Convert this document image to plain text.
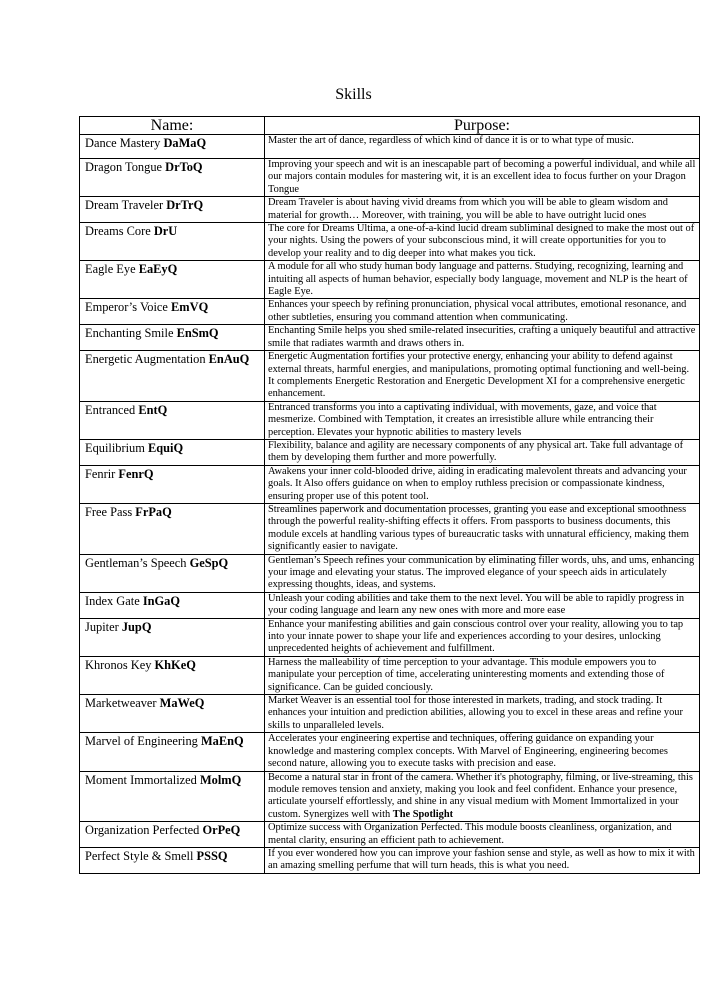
Skills
Name:	Purpose:
Dance Mastery DaMaQ	Master the art of dance, regardless of which kind of dance it is or to what type of music.
Dragon Tongue DrToQ	Improving your speech and wit is an inescapable part of becoming a powerful individual, and while all our majors contain modules for mastering wit, it is an excellent idea to focus further on your Dragon Tongue
Dream Traveler DrTrQ	Dream Traveler is about having vivid dreams from which you will be able to gleam wisdom and material for growth… Moreover, with training, you will be able to have outright lucid ones
Dreams Core DrU	The core for Dreams Ultima, a one-of-a-kind lucid dream subliminal designed to make the most out of your nights. Using the powers of your subconscious mind, it will create opportunities for you to develop your reality and to dig deeper into what makes you tick.
Eagle Eye EaEyQ	A module for all who study human body language and patterns. Studying, recognizing, learning and intuiting all aspects of human behavior, especially body language, movement and NLP is the heart of Eagle Eye.
Emperor’s Voice EmVQ	Enhances your speech by refining pronunciation, physical vocal attributes, emotional resonance, and other subtleties, ensuring you command attention when communicating.
Enchanting Smile EnSmQ	Enchanting Smile helps you shed smile-related insecurities, crafting a uniquely beautiful and attractive smile that radiates warmth and draws others in.
Energetic Augmentation EnAuQ	Energetic Augmentation fortifies your protective energy, enhancing your ability to defend against external threats, harmful energies, and manipulations, promoting optimal functioning and well-being. It complements Energetic Restoration and Energetic Development XI for a comprehensive energetic enhancement.
Entranced EntQ	Entranced transforms you into a captivating individual, with movements, gaze, and voice that mesmerize. Combined with Temptation, it creates an irresistible allure while entrancing their perception. Elevates your hypnotic abilities to mastery levels
Equilibrium EquiQ	Flexibility, balance and agility are necessary components of any physical art. Take full advantage of them by developing them further and more powerfully.
Fenrir FenrQ	Awakens your inner cold-blooded drive, aiding in eradicating malevolent threats and advancing your goals. It Also offers guidance on when to employ ruthless precision or compassionate kindness, ensuring proper use of this potent tool.
Free Pass FrPaQ	Streamlines paperwork and documentation processes, granting you ease and exceptional smoothness through the powerful reality-shifting effects it offers. From passports to business documents, this module excels at handling various types of bureaucratic tasks with unnatural efficiency, making them significantly easier to navigate.
Gentleman’s Speech GeSpQ	Gentleman’s Speech refines your communication by eliminating filler words, uhs, and ums, enhancing your image and elevating your status. The improved elegance of your speech aids in articulately expressing thoughts, ideas, and systems.
Index Gate InGaQ	Unleash your coding abilities and take them to the next level. You will be able to rapidly progress in your coding language and learn any new ones with more and more ease
Jupiter JupQ	Enhance your manifesting abilities and gain conscious control over your reality, allowing you to tap into your innate power to shape your life and experiences according to your desires, unlocking unprecedented heights of achievement and fulfillment.
Khronos Key KhKeQ	Harness the malleability of time perception to your advantage. This module empowers you to manipulate your perception of time, accelerating uninteresting moments and extending those of significance. Can be guided conciously.
Marketweaver MaWeQ	Market Weaver is an essential tool for those interested in markets, trading, and stock trading. It enhances your intuition and prediction abilities, allowing you to excel in these areas and refine your skills to unparalleled levels.
Marvel of Engineering MaEnQ	Accelerates your engineering expertise and techniques, offering guidance on expanding your knowledge and mastering complex concepts. With Marvel of Engineering, engineering becomes second nature, allowing you to execute tasks with precision and ease.
Moment Immortalized MolmQ	Become a natural star in front of the camera. Whether it's photography, filming, or live-streaming, this module removes tension and anxiety, making you look and feel confident. Enhance your presence, articulate yourself effortlessly, and shine in any visual medium with Moment Immortalized in your custom. Synergizes well with The Spotlight
Organization Perfected OrPeQ	Optimize success with Organization Perfected. This module boosts cleanliness, organization, and mental clarity, ensuring an efficient path to achievement.
Perfect Style & Smell PSSQ	If you ever wondered how you can improve your fashion sense and style, as well as how to mix it with an amazing smelling perfume that will turn heads, this is what you need.
